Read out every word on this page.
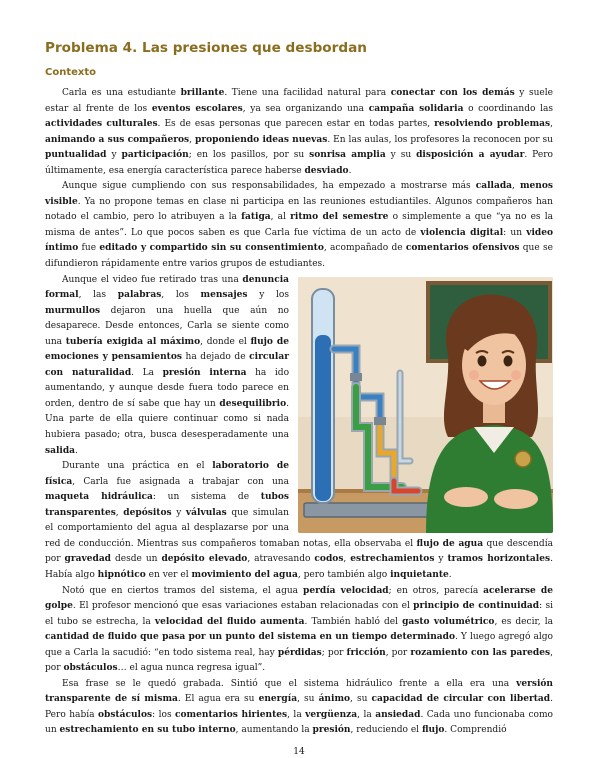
Problema 4. Las presiones que desbordan
Contexto

Carla es una estudiante brillante. Tiene una facilidad natural para conectar con los demás y suele estar al frente de los eventos escolares, ya sea organizando una campaña solidaria o coordinando las actividades culturales. Es de esas personas que parecen estar en todas partes, resolviendo problemas, animando a sus compañeros, proponiendo ideas nuevas. En las aulas, los profesores la reconocen por su puntualidad y participación; en los pasillos, por su sonrisa amplia y su disposición a ayudar. Pero últimamente, esa energía característica parece haberse desviado.

Aunque sigue cumpliendo con sus responsabilidades, ha empezado a mostrarse más callada, menos visible. Ya no propone temas en clase ni participa en las reuniones estudiantiles. Algunos compañeros han notado el cambio, pero lo atribuyen a la fatiga, al ritmo del semestre o simplemente a que “ya no es la misma de antes”. Lo que pocos saben es que Carla fue víctima de un acto de violencia digital: un video íntimo fue editado y compartido sin su consentimiento, acompañado de comentarios ofensivos que se difundieron rápidamente entre varios grupos de estudiantes.

Aunque el video fue retirado tras una denuncia formal, las palabras, los mensajes y los murmullos dejaron una huella que aún no desaparece. Desde entonces, Carla se siente como una tubería exigida al máximo, donde el flujo de emociones y pensamientos ha dejado de circular con naturalidad. La presión interna ha ido aumentando, y aunque desde fuera todo parece en orden, dentro de sí sabe que hay un desequilibrio. Una parte de ella quiere continuar como si nada hubiera pasado; otra, busca desesperadamente una salida.

Durante una práctica en el laboratorio de física, Carla fue asignada a trabajar con una maqueta hidráulica: un sistema de tubos transparentes, depósitos y válvulas que simulan el comportamiento del agua al desplazarse por una red de conducción. Mientras sus compañeros tomaban notas, ella observaba el flujo de agua que descendía por gravedad desde un depósito elevado, atravesando codos, estrechamientos y tramos horizontales. Había algo hipnótico en ver el movimiento del agua, pero también algo inquietante.

Notó que en ciertos tramos del sistema, el agua perdía velocidad; en otros, parecía acelerarse de golpe. El profesor mencionó que esas variaciones estaban relacionadas con el principio de continuidad: si el tubo se estrecha, la velocidad del fluido aumenta. También habló del gasto volumétrico, es decir, la cantidad de fluido que pasa por un punto del sistema en un tiempo determinado. Y luego agregó algo que a Carla la sacudió: “en todo sistema real, hay pérdidas; por fricción, por rozamiento con las paredes, por obstáculos… el agua nunca regresa igual”.

Esa frase se le quedó grabada. Sintió que el sistema hidráulico frente a ella era una versión transparente de sí misma. El agua era su energía, su ánimo, su capacidad de circular con libertad. Pero había obstáculos: los comentarios hirientes, la vergüenza, la ansiedad. Cada uno funcionaba como un estrechamiento en su tubo interno, aumentando la presión, reduciendo el flujo. Comprendió

14
